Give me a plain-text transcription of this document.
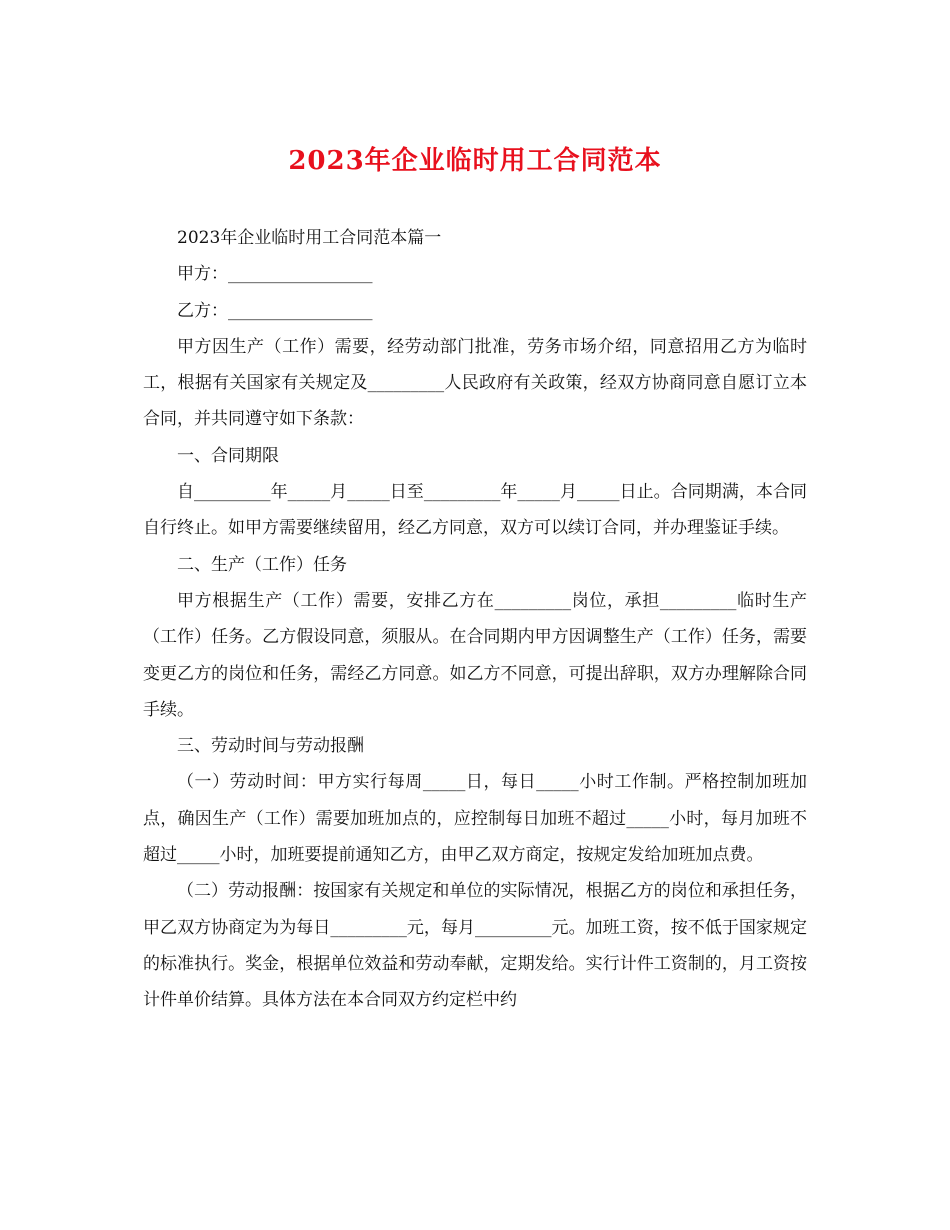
2023年企业临时用工合同范本

2023年企业临时用工合同范本篇一

甲方：_________________

乙方：_________________

甲方因生产（工作）需要，经劳动部门批准，劳务市场介绍，同意招用乙方为临时工，根据有关国家有关规定及_________人民政府有关政策，经双方协商同意自愿订立本合同，并共同遵守如下条款：

一、合同期限

自_________年_____月_____日至_________年_____月_____日止。合同期满，本合同自行终止。如甲方需要继续留用，经乙方同意，双方可以续订合同，并办理鉴证手续。

二、生产（工作）任务

甲方根据生产（工作）需要，安排乙方在_________岗位，承担_________临时生产（工作）任务。乙方假设同意，须服从。在合同期内甲方因调整生产（工作）任务，需要变更乙方的岗位和任务，需经乙方同意。如乙方不同意，可提出辞职，双方办理解除合同手续。

三、劳动时间与劳动报酬

（一）劳动时间：甲方实行每周_____日，每日_____小时工作制。严格控制加班加点，确因生产（工作）需要加班加点的，应控制每日加班不超过_____小时，每月加班不超过_____小时，加班要提前通知乙方，由甲乙双方商定，按规定发给加班加点费。

（二）劳动报酬：按国家有关规定和单位的实际情况，根据乙方的岗位和承担任务，甲乙双方协商定为为每日_________元，每月_________元。加班工资，按不低于国家规定的标准执行。奖金，根据单位效益和劳动奉献，定期发给。实行计件工资制的，月工资按计件单价结算。具体方法在本合同双方约定栏中约
